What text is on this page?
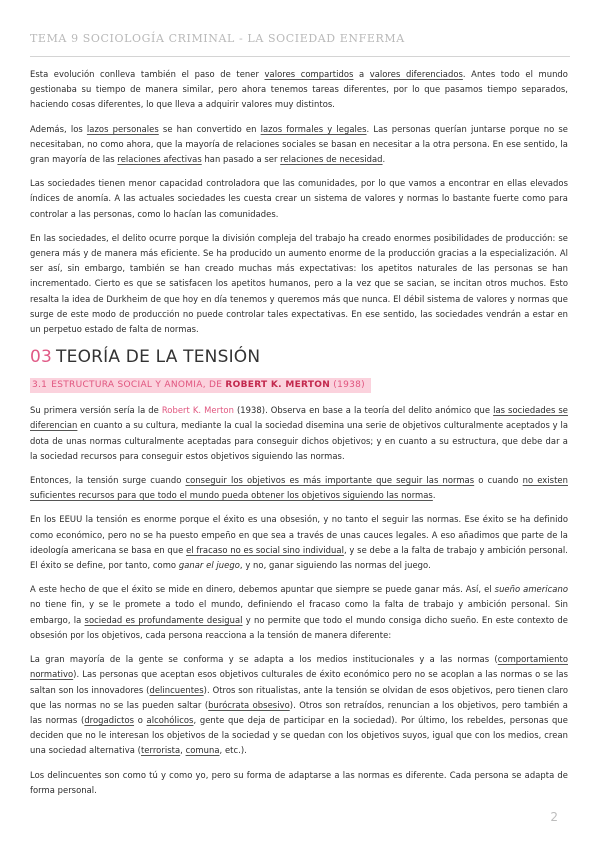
TEMA 9 SOCIOLOGÍA CRIMINAL - LA SOCIEDAD ENFERMA

Esta evolución conlleva también el paso de tener valores compartidos a valores diferenciados. Antes todo el mundo gestionaba su tiempo de manera similar, pero ahora tenemos tareas diferentes, por lo que pasamos tiempo separados, haciendo cosas diferentes, lo que lleva a adquirir valores muy distintos.

Además, los lazos personales se han convertido en lazos formales y legales. Las personas querían juntarse porque no se necesitaban, no como ahora, que la mayoría de relaciones sociales se basan en necesitar a la otra persona. En ese sentido, la gran mayoría de las relaciones afectivas han pasado a ser relaciones de necesidad.

Las sociedades tienen menor capacidad controladora que las comunidades, por lo que vamos a encontrar en ellas elevados índices de anomía. A las actuales sociedades les cuesta crear un sistema de valores y normas lo bastante fuerte como para controlar a las personas, como lo hacían las comunidades.

En las sociedades, el delito ocurre porque la división compleja del trabajo ha creado enormes posibilidades de producción: se genera más y de manera más eficiente. Se ha producido un aumento enorme de la producción gracias a la especialización. Al ser así, sin embargo, también se han creado muchas más expectativas: los apetitos naturales de las personas se han incrementado. Cierto es que se satisfacen los apetitos humanos, pero a la vez que se sacian, se incitan otros muchos. Esto resalta la idea de Durkheim de que hoy en día tenemos y queremos más que nunca. El débil sistema de valores y normas que surge de este modo de producción no puede controlar tales expectativas. En ese sentido, las sociedades vendrán a estar en un perpetuo estado de falta de normas.

03 TEORÍA DE LA TENSIÓN
3.1 ESTRUCTURA SOCIAL Y ANOMIA, DE ROBERT K. MERTON (1938)

Su primera versión sería la de Robert K. Merton (1938). Observa en base a la teoría del delito anómico que las sociedades se diferencian en cuanto a su cultura, mediante la cual la sociedad disemina una serie de objetivos culturalmente aceptados y la dota de unas normas culturalmente aceptadas para conseguir dichos objetivos; y en cuanto a su estructura, que debe dar a la sociedad recursos para conseguir estos objetivos siguiendo las normas.

Entonces, la tensión surge cuando conseguir los objetivos es más importante que seguir las normas o cuando no existen suficientes recursos para que todo el mundo pueda obtener los objetivos siguiendo las normas.

En los EEUU la tensión es enorme porque el éxito es una obsesión, y no tanto el seguir las normas. Ese éxito se ha definido como económico, pero no se ha puesto empeño en que sea a través de unas cauces legales. A eso añadimos que parte de la ideología americana se basa en que el fracaso no es social sino individual, y se debe a la falta de trabajo y ambición personal. El éxito se define, por tanto, como ganar el juego, y no, ganar siguiendo las normas del juego.

A este hecho de que el éxito se mide en dinero, debemos apuntar que siempre se puede ganar más. Así, el sueño americano no tiene fin, y se le promete a todo el mundo, definiendo el fracaso como la falta de trabajo y ambición personal. Sin embargo, la sociedad es profundamente desigual y no permite que todo el mundo consiga dicho sueño. En este contexto de obsesión por los objetivos, cada persona reacciona a la tensión de manera diferente:

La gran mayoría de la gente se conforma y se adapta a los medios institucionales y a las normas (comportamiento normativo). Las personas que aceptan esos objetivos culturales de éxito económico pero no se acoplan a las normas o se las saltan son los innovadores (delincuentes). Otros son ritualistas, ante la tensión se olvidan de esos objetivos, pero tienen claro que las normas no se las pueden saltar (burócrata obsesivo). Otros son retraídos, renuncian a los objetivos, pero también a las normas (drogadictos o alcohólicos, gente que deja de participar en la sociedad). Por último, los rebeldes, personas que deciden que no le interesan los objetivos de la sociedad y se quedan con los objetivos suyos, igual que con los medios, crean una sociedad alternativa (terrorista, comuna, etc.).

Los delincuentes son como tú y como yo, pero su forma de adaptarse a las normas es diferente. Cada persona se adapta de forma personal.

2
